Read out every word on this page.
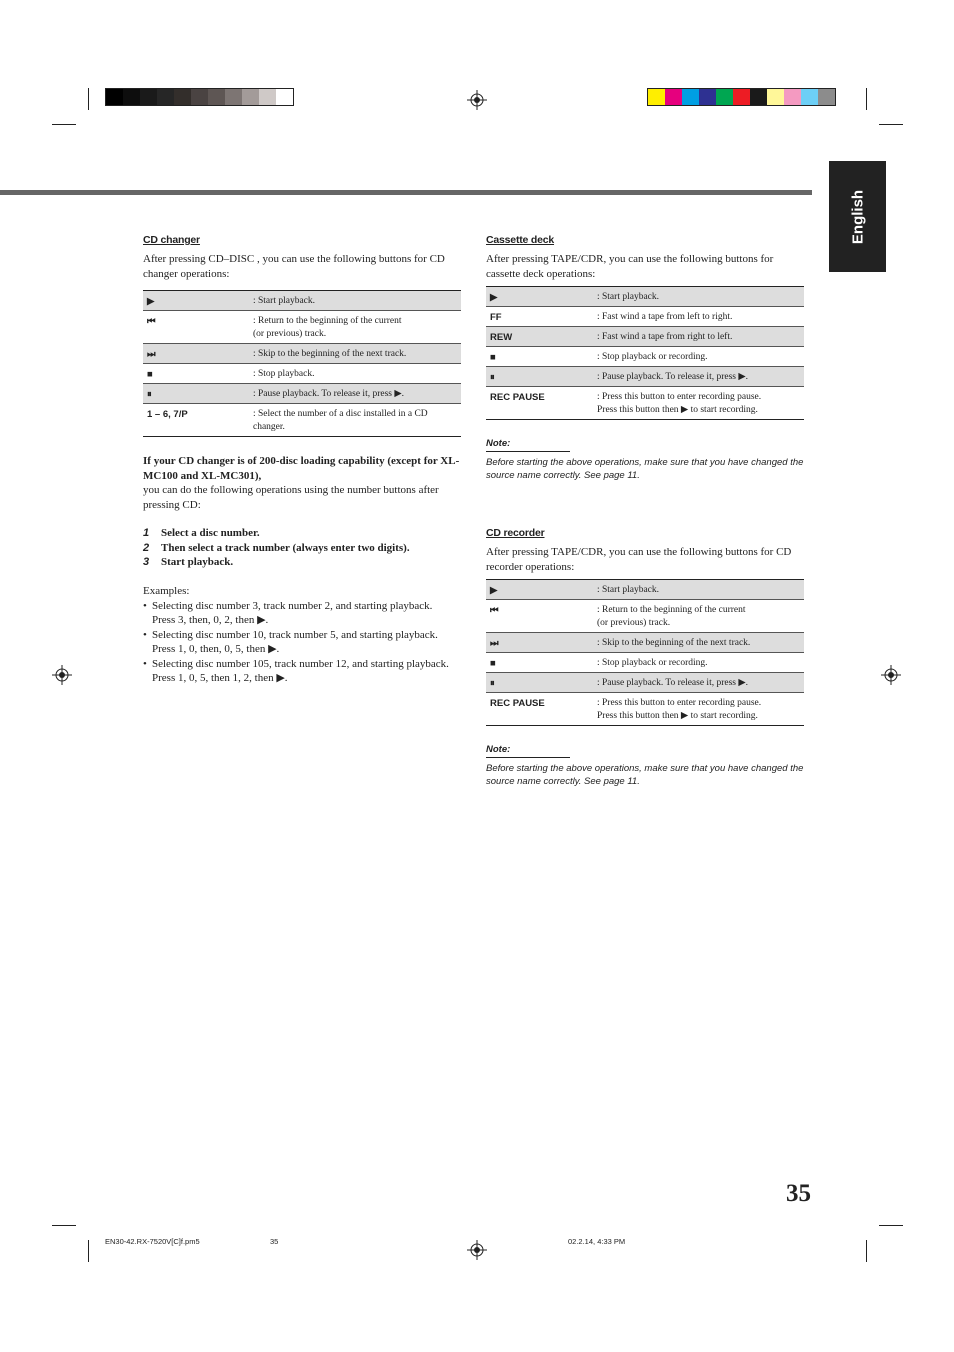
English
CD changer
After pressing CD–DISC , you can use the following buttons for CD changer operations:
▶	: Start playback.
⏮	: Return to the beginning of the current
(or previous) track.
⏭	: Skip to the beginning of the next track.
■	: Stop playback.
⏸	: Pause playback. To release it, press ▶.
1 – 6, 7/P	: Select the number of a disc installed in a CD
changer.
If your CD changer is of 200-disc loading capability (except for XL-MC100 and XL-MC301),
you can do the following operations using the number buttons after pressing CD:
1 Select a disc number.
2 Then select a track number (always enter two digits).
3 Start playback.
Examples:
• Selecting disc number 3, track number 2, and starting playback.
Press 3, then, 0, 2, then ▶.
• Selecting disc number 10, track number 5, and starting playback.
Press 1, 0, then, 0, 5, then ▶.
• Selecting disc number 105, track number 12, and starting playback.
Press 1, 0, 5, then 1, 2, then ▶.
Cassette deck
After pressing TAPE/CDR, you can use the following buttons for cassette deck operations:
▶	: Start playback.
FF	: Fast wind a tape from left to right.
REW	: Fast wind a tape from right to left.
■	: Stop playback or recording.
⏸	: Pause playback. To release it, press ▶.
REC PAUSE	: Press this button to enter recording pause.
Press this button then ▶ to start recording.
Note:
Before starting the above operations, make sure that you have changed the source name correctly. See page 11.
CD recorder
After pressing TAPE/CDR, you can use the following buttons for CD recorder operations:
▶	: Start playback.
⏮	: Return to the beginning of the current
(or previous) track.
⏭	: Skip to the beginning of the next track.
■	: Stop playback or recording.
⏸	: Pause playback. To release it, press ▶.
REC PAUSE	: Press this button to enter recording pause.
Press this button then ▶ to start recording.
Note:
Before starting the above operations, make sure that you have changed the source name correctly. See page 11.
35
EN30-42.RX-7520V[C]f.pm5	35	02.2.14, 4:33 PM
